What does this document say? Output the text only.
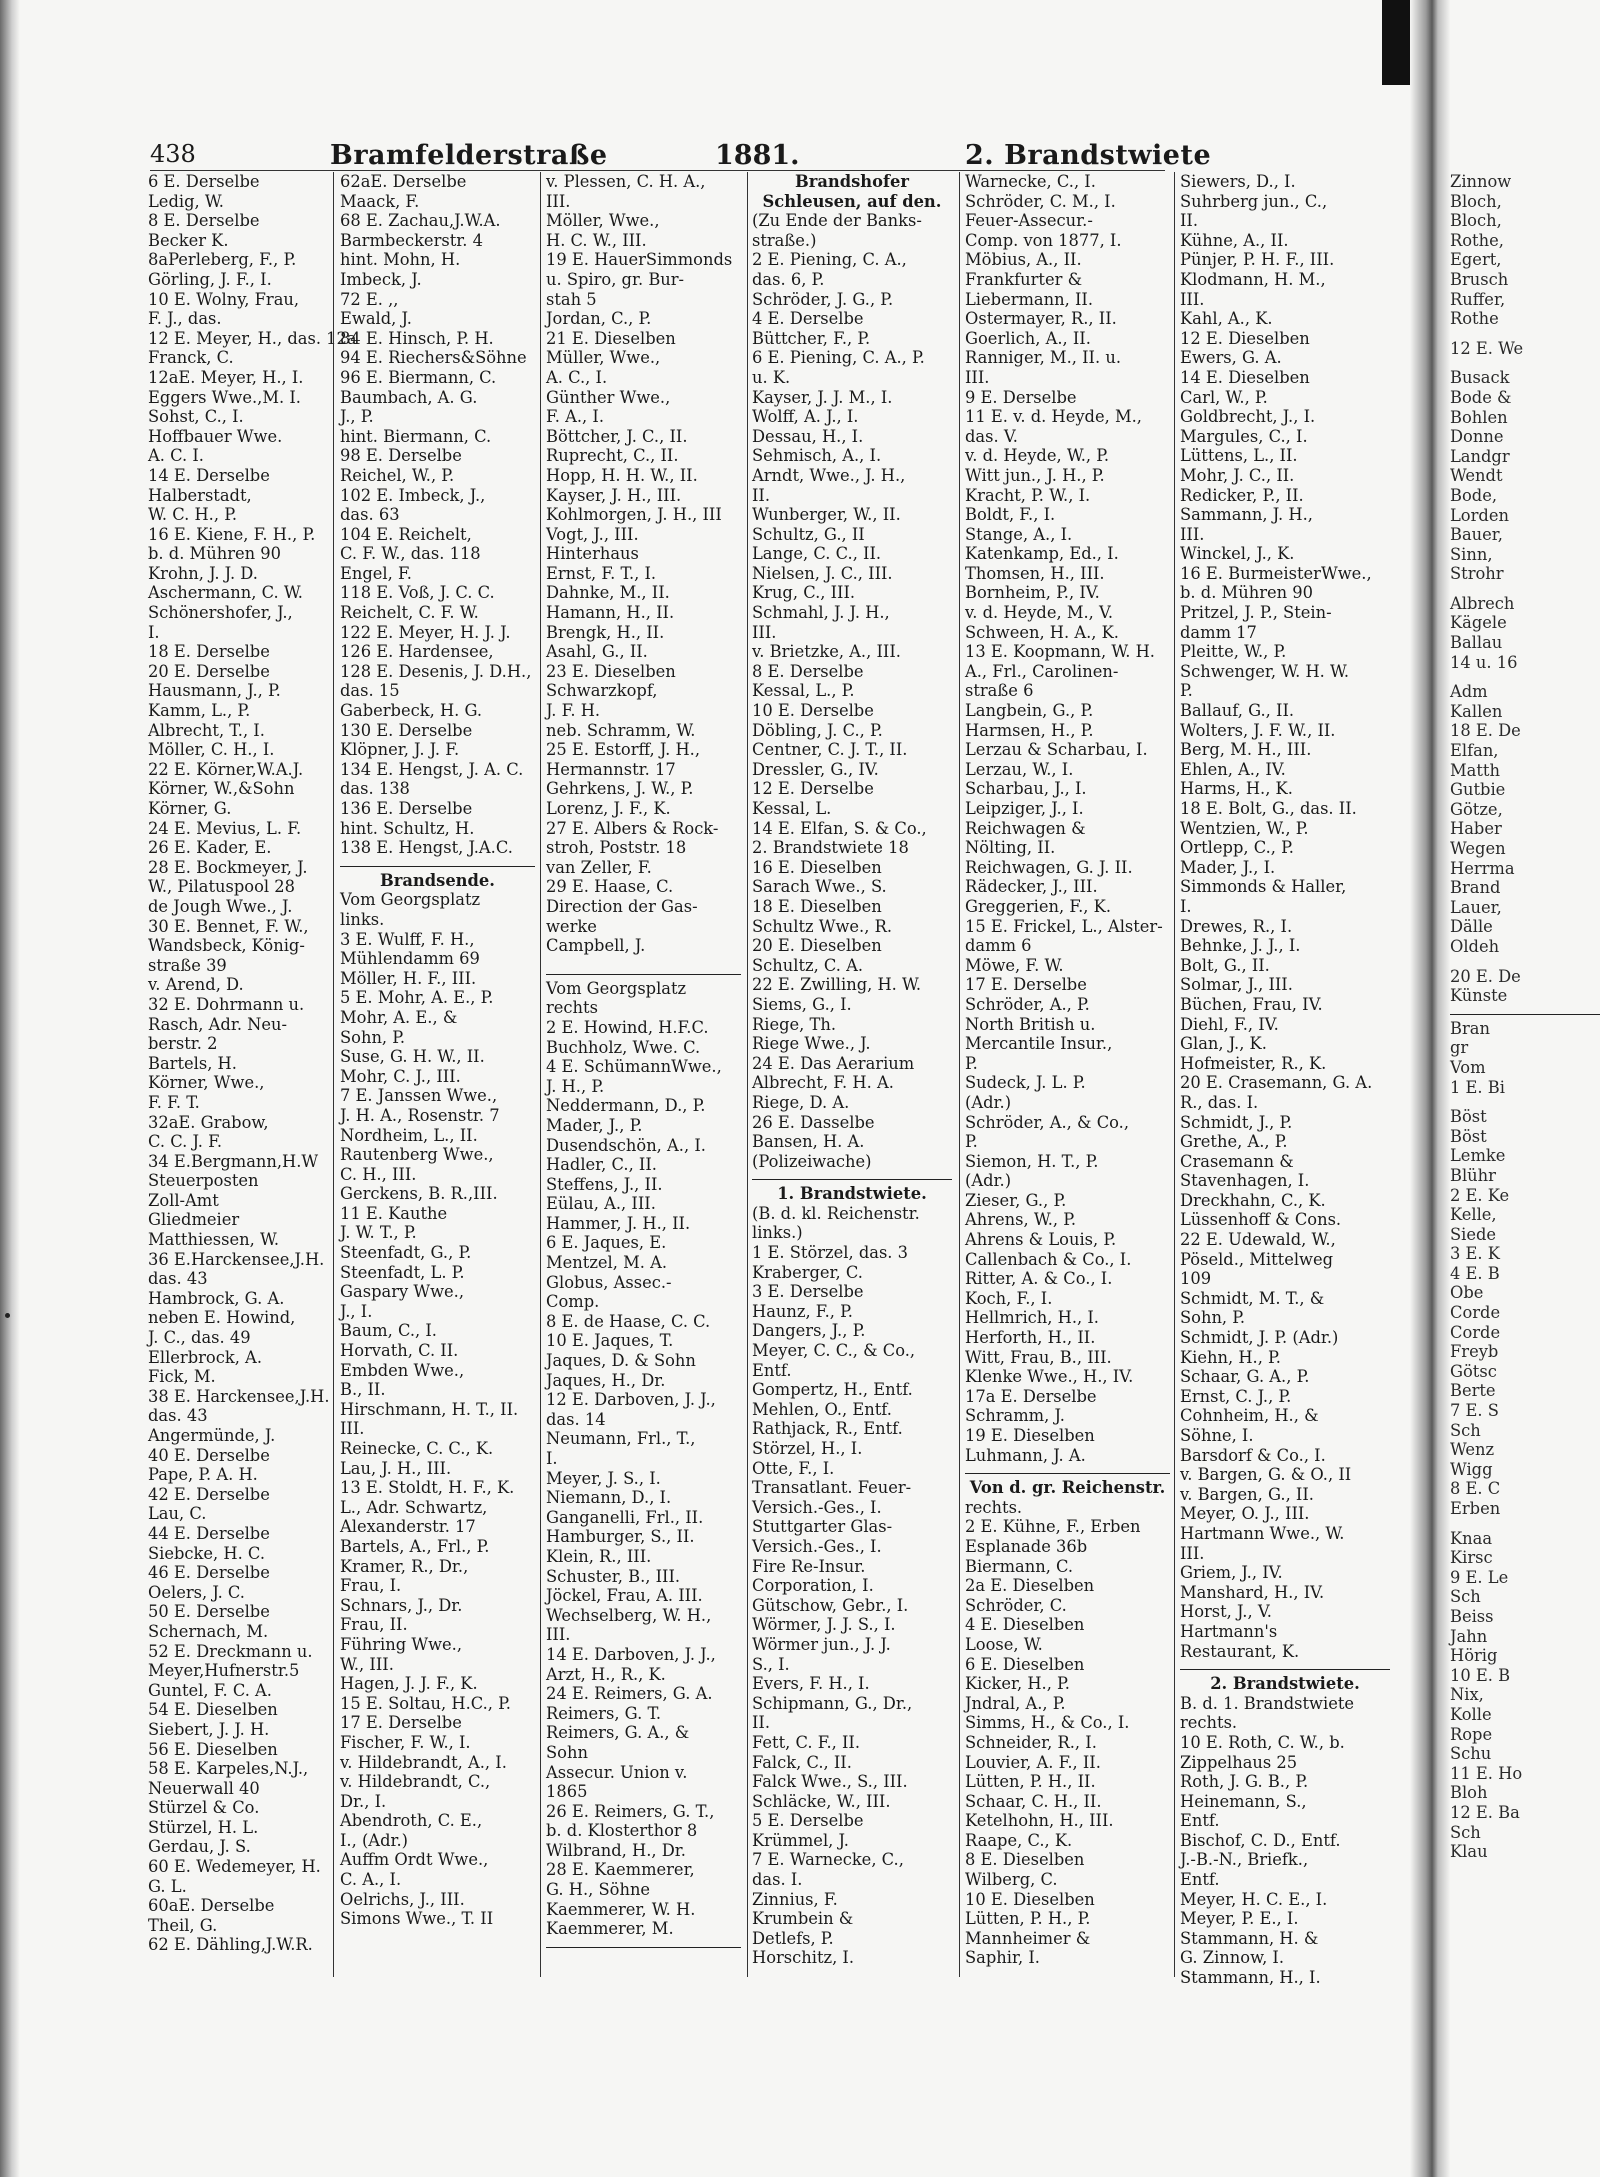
438	Bramfelderstraße	1881.	2. Brandstwiete
6 E. Derselbe
Ledig, W.
8 E. Derselbe
Becker K.
8aPerleberg, F., P.
Görling, J. F., I.
10 E. Wolny, Frau,
F. J., das.
12 E. Meyer, H., das. 12a
Franck, C.
12aE. Meyer, H., I.
Eggers Wwe.,M. I.
Sohst, C., I.
Hoffbauer Wwe.
A. C. I.
14 E. Derselbe
Halberstadt,
W. C. H., P.
16 E. Kiene, F. H., P.
b. d. Mühren 90
Krohn, J. J. D.
Aschermann, C. W.
Schönershofer, J.,
I.
18 E. Derselbe
20 E. Derselbe
Hausmann, J., P.
Kamm, L., P.
Albrecht, T., I.
Möller, C. H., I.
22 E. Körner,W.A.J.
Körner, W.,&Sohn
Körner, G.
24 E. Mevius, L. F.
26 E. Kader, E.
28 E. Bockmeyer, J.
W., Pilatuspool 28
de Jough Wwe., J.
30 E. Bennet, F. W.,
Wandsbeck, König-
straße 39
v. Arend, D.
32 E. Dohrmann u.
Rasch, Adr. Neu-
berstr. 2
Bartels, H.
Körner, Wwe.,
F. F. T.
32aE. Grabow,
C. C. J. F.
34 E.Bergmann,H.W
Steuerposten
Zoll-Amt
Gliedmeier
Matthiessen, W.
36 E.Harckensee,J.H.
das. 43
Hambrock, G. A.
neben E. Howind,
J. C., das. 49
Ellerbrock, A.
Fick, M.
38 E. Harckensee,J.H.
das. 43
Angermünde, J.
40 E. Derselbe
Pape, P. A. H.
42 E. Derselbe
Lau, C.
44 E. Derselbe
Siebcke, H. C.
46 E. Derselbe
Oelers, J. C.
50 E. Derselbe
Schernach, M.
52 E. Dreckmann u.
Meyer,Hufnerstr.5
Guntel, F. C. A.
54 E. Dieselben
Siebert, J. J. H.
56 E. Dieselben
58 E. Karpeles,N.J.,
Neuerwall 40
Stürzel & Co.
Stürzel, H. L.
Gerdau, J. S.
60 E. Wedemeyer, H.
G. L.
60aE. Derselbe
Theil, G.
62 E. Dähling,J.W.R.
62aE. Derselbe
Maack, F.
68 E. Zachau,J.W.A.
Barmbeckerstr. 4
hint. Mohn, H.
Imbeck, J.
72 E. ,,
Ewald, J.
84 E. Hinsch, P. H.
94 E. Riechers&Söhne
96 E. Biermann, C.
Baumbach, A. G.
J., P.
hint. Biermann, C.
98 E. Derselbe
Reichel, W., P.
102 E. Imbeck, J.,
das. 63
104 E. Reichelt,
C. F. W., das. 118
Engel, F.
118 E. Voß, J. C. C.
Reichelt, C. F. W.
122 E. Meyer, H. J. J.
126 E. Hardensee,
128 E. Desenis, J. D.H.,
das. 15
Gaberbeck, H. G.
130 E. Derselbe
Klöpner, J. J. F.
134 E. Hengst, J. A. C.
das. 138
136 E. Derselbe
hint. Schultz, H.
138 E. Hengst, J.A.C.
Brandsende.
Vom Georgsplatz
links.
3 E. Wulff, F. H.,
Mühlendamm 69
Möller, H. F., III.
5 E. Mohr, A. E., P.
Mohr, A. E., &
Sohn, P.
Suse, G. H. W., II.
Mohr, C. J., III.
7 E. Janssen Wwe.,
J. H. A., Rosenstr. 7
Nordheim, L., II.
Rautenberg Wwe.,
C. H., III.
Gerckens, B. R.,III.
11 E. Kauthe
J. W. T., P.
Steenfadt, G., P.
Steenfadt, L. P.
Gaspary Wwe.,
J., I.
Baum, C., I.
Horvath, C. II.
Embden Wwe.,
B., II.
Hirschmann, H. T., II.
III.
Reinecke, C. C., K.
Lau, J. H., III.
13 E. Stoldt, H. F., K.
L., Adr. Schwartz,
Alexanderstr. 17
Bartels, A., Frl., P.
Kramer, R., Dr.,
Frau, I.
Schnars, J., Dr.
Frau, II.
Führing Wwe.,
W., III.
Hagen, J. J. F., K.
15 E. Soltau, H.C., P.
17 E. Derselbe
Fischer, F. W., I.
v. Hildebrandt, A., I.
v. Hildebrandt, C.,
Dr., I.
Abendroth, C. E.,
I., (Adr.)
Auffm Ordt Wwe.,
C. A., I.
Oelrichs, J., III.
Simons Wwe., T. II
v. Plessen, C. H. A.,
III.
Möller, Wwe.,
H. C. W., III.
19 E. HauerSimmonds
u. Spiro, gr. Bur-
stah 5
Jordan, C., P.
21 E. Dieselben
Müller, Wwe.,
A. C., I.
Günther Wwe.,
F. A., I.
Böttcher, J. C., II.
Ruprecht, C., II.
Hopp, H. H. W., II.
Kayser, J. H., III.
Kohlmorgen, J. H., III
Vogt, J., III.
Hinterhaus
Ernst, F. T., I.
Dahnke, M., II.
Hamann, H., II.
Brengk, H., II.
Asahl, G., II.
23 E. Dieselben
Schwarzkopf,
J. F. H.
neb. Schramm, W.
25 E. Estorff, J. H.,
Hermannstr. 17
Gehrkens, J. W., P.
Lorenz, J. F., K.
27 E. Albers & Rock-
stroh, Poststr. 18
van Zeller, F.
29 E. Haase, C.
Direction der Gas-
werke
Campbell, J.
Vom Georgsplatz
rechts
2 E. Howind, H.F.C.
Buchholz, Wwe. C.
4 E. SchümannWwe.,
J. H., P.
Neddermann, D., P.
Mader, J., P.
Dusendschön, A., I.
Hadler, C., II.
Steffens, J., II.
Eülau, A., III.
Hammer, J. H., II.
6 E. Jaques, E.
Mentzel, M. A.
Globus, Assec.-
Comp.
8 E. de Haase, C. C.
10 E. Jaques, T.
Jaques, D. & Sohn
Jaques, H., Dr.
12 E. Darboven, J. J.,
das. 14
Neumann, Frl., T.,
I.
Meyer, J. S., I.
Niemann, D., I.
Ganganelli, Frl., II.
Hamburger, S., II.
Klein, R., III.
Schuster, B., III.
Jöckel, Frau, A. III.
Wechselberg, W. H.,
III.
14 E. Darboven, J. J.,
Arzt, H., R., K.
24 E. Reimers, G. A.
Reimers, G. T.
Reimers, G. A., &
Sohn
Assecur. Union v.
1865
26 E. Reimers, G. T.,
b. d. Klosterthor 8
Wilbrand, H., Dr.
28 E. Kaemmerer,
G. H., Söhne
Kaemmerer, W. H.
Kaemmerer, M.
Brandshofer
Schleusen, auf den.
(Zu Ende der Banks-
straße.)
2 E. Piening, C. A.,
das. 6, P.
Schröder, J. G., P.
4 E. Derselbe
Büttcher, F., P.
6 E. Piening, C. A., P.
u. K.
Kayser, J. J. M., I.
Wolff, A. J., I.
Dessau, H., I.
Sehmisch, A., I.
Arndt, Wwe., J. H.,
II.
Wunberger, W., II.
Schultz, G., II
Lange, C. C., II.
Nielsen, J. C., III.
Krug, C., III.
Schmahl, J. J. H.,
III.
v. Brietzke, A., III.
8 E. Derselbe
Kessal, L., P.
10 E. Derselbe
Döbling, J. C., P.
Centner, C. J. T., II.
Dressler, G., IV.
12 E. Derselbe
Kessal, L.
14 E. Elfan, S. & Co.,
2. Brandstwiete 18
16 E. Dieselben
Sarach Wwe., S.
18 E. Dieselben
Schultz Wwe., R.
20 E. Dieselben
Schultz, C. A.
22 E. Zwilling, H. W.
Siems, G., I.
Riege, Th.
Riege Wwe., J.
24 E. Das Aerarium
Albrecht, F. H. A.
Riege, D. A.
26 E. Dasselbe
Bansen, H. A.
(Polizeiwache)
1. Brandstwiete.
(B. d. kl. Reichenstr.
links.)
1 E. Störzel, das. 3
Kraberger, C.
3 E. Derselbe
Haunz, F., P.
Dangers, J., P.
Meyer, C. C., & Co.,
Entf.
Gompertz, H., Entf.
Mehlen, O., Entf.
Rathjack, R., Entf.
Störzel, H., I.
Otte, F., I.
Transatlant. Feuer-
Versich.-Ges., I.
Stuttgarter Glas-
Versich.-Ges., I.
Fire Re-Insur.
Corporation, I.
Gütschow, Gebr., I.
Wörmer, J. J. S., I.
Wörmer jun., J. J.
S., I.
Evers, F. H., I.
Schipmann, G., Dr.,
II.
Fett, C. F., II.
Falck, C., II.
Falck Wwe., S., III.
Schläcke, W., III.
5 E. Derselbe
Krümmel, J.
7 E. Warnecke, C.,
das. I.
Zinnius, F.
Krumbein &
Detlefs, P.
Horschitz, I.
Warnecke, C., I.
Schröder, C. M., I.
Feuer-Assecur.-
Comp. von 1877, I.
Möbius, A., II.
Frankfurter &
Liebermann, II.
Ostermayer, R., II.
Goerlich, A., II.
Ranniger, M., II. u.
III.
9 E. Derselbe
11 E. v. d. Heyde, M.,
das. V.
v. d. Heyde, W., P.
Witt jun., J. H., P.
Kracht, P. W., I.
Boldt, F., I.
Stange, A., I.
Katenkamp, Ed., I.
Thomsen, H., III.
Bornheim, P., IV.
v. d. Heyde, M., V.
Schween, H. A., K.
13 E. Koopmann, W. H.
A., Frl., Carolinen-
straße 6
Langbein, G., P.
Harmsen, H., P.
Lerzau & Scharbau, I.
Lerzau, W., I.
Scharbau, J., I.
Leipziger, J., I.
Reichwagen &
Nölting, II.
Reichwagen, G. J. II.
Rädecker, J., III.
Greggerien, F., K.
15 E. Frickel, L., Alster-
damm 6
Möwe, F. W.
17 E. Derselbe
Schröder, A., P.
North British u.
Mercantile Insur.,
P.
Sudeck, J. L. P.
(Adr.)
Schröder, A., & Co.,
P.
Siemon, H. T., P.
(Adr.)
Zieser, G., P.
Ahrens, W., P.
Ahrens & Louis, P.
Callenbach & Co., I.
Ritter, A. & Co., I.
Koch, F., I.
Hellmrich, H., I.
Herforth, H., II.
Witt, Frau, B., III.
Klenke Wwe., H., IV.
17a E. Derselbe
Schramm, J.
19 E. Dieselben
Luhmann, J. A.
Von d. gr. Reichenstr.
rechts.
2 E. Kühne, F., Erben
Esplanade 36b
Biermann, C.
2a E. Dieselben
Schröder, C.
4 E. Dieselben
Loose, W.
6 E. Dieselben
Kicker, H., P.
Jndral, A., P.
Simms, H., & Co., I.
Schneider, R., I.
Louvier, A. F., II.
Lütten, P. H., II.
Schaar, C. H., II.
Ketelhohn, H., III.
Raape, C., K.
8 E. Dieselben
Wilberg, C.
10 E. Dieselben
Lütten, P. H., P.
Mannheimer &
Saphir, I.
Siewers, D., I.
Suhrberg jun., C.,
II.
Kühne, A., II.
Pünjer, P. H. F., III.
Klodmann, H. M.,
III.
Kahl, A., K.
12 E. Dieselben
Ewers, G. A.
14 E. Dieselben
Carl, W., P.
Goldbrecht, J., I.
Margules, C., I.
Lüttens, L., II.
Mohr, J. C., II.
Redicker, P., II.
Sammann, J. H.,
III.
Winckel, J., K.
16 E. BurmeisterWwe.,
b. d. Mühren 90
Pritzel, J. P., Stein-
damm 17
Pleitte, W., P.
Schwenger, W. H. W.
P.
Ballauf, G., II.
Wolters, J. F. W., II.
Berg, M. H., III.
Ehlen, A., IV.
Harms, H., K.
18 E. Bolt, G., das. II.
Wentzien, W., P.
Ortlepp, C., P.
Mader, J., I.
Simmonds & Haller,
I.
Drewes, R., I.
Behnke, J. J., I.
Bolt, G., II.
Solmar, J., III.
Büchen, Frau, IV.
Diehl, F., IV.
Glan, J., K.
Hofmeister, R., K.
20 E. Crasemann, G. A.
R., das. I.
Schmidt, J., P.
Grethe, A., P.
Crasemann &
Stavenhagen, I.
Dreckhahn, C., K.
Lüssenhoff & Cons.
22 E. Udewald, W.,
Pöseld., Mittelweg
109
Schmidt, M. T., &
Sohn, P.
Schmidt, J. P. (Adr.)
Kiehn, H., P.
Schaar, G. A., P.
Ernst, C. J., P.
Cohnheim, H., &
Söhne, I.
Barsdorf & Co., I.
v. Bargen, G. & O., II
v. Bargen, G., II.
Meyer, O. J., III.
Hartmann Wwe., W.
III.
Griem, J., IV.
Manshard, H., IV.
Horst, J., V.
Hartmann's
Restaurant, K.
2. Brandstwiete.
B. d. 1. Brandstwiete
rechts.
10 E. Roth, C. W., b.
Zippelhaus 25
Roth, J. G. B., P.
Heinemann, S.,
Entf.
Bischof, C. D., Entf.
J.-B.-N., Briefk.,
Entf.
Meyer, H. C. E., I.
Meyer, P. E., I.
Stammann, H. &
G. Zinnow, I.
Stammann, H., I.
Zinnow
Bloch,
Bloch,
Rothe,
Egert,
Brusch
Ruffer,
Rothe
12 E. We
Busack
Bode &
Bohlen
Donne
Landgr
Wendt
Bode,
Lorden
Bauer,
Sinn,
Strohr
Albrech
Kägele
Ballau
14 u. 16
Adm
Kallen
18 E. De
Elfan,
Matth
Gutbie
Götze,
Haber
Wegen
Herrma
Brand
Lauer,
Dälle
Oldeh
20 E. De
Künste
Bran
gr
Vom
1 E. Bi
Böst
Böst
Lemke
Blühr
2 E. Ke
Kelle,
Siede
3 E. K
4 E. B
Obe
Corde
Corde
Freyb
Götsc
Berte
7 E. S
Sch
Wenz
Wigg
8 E. C
Erben
Knaa
Kirsc
9 E. Le
Sch
Beiss
Jahn
Hörig
10 E. B
Nix,
Kolle
Rope
Schu
11 E. Ho
Bloh
12 E. Ba
Sch
Klau
